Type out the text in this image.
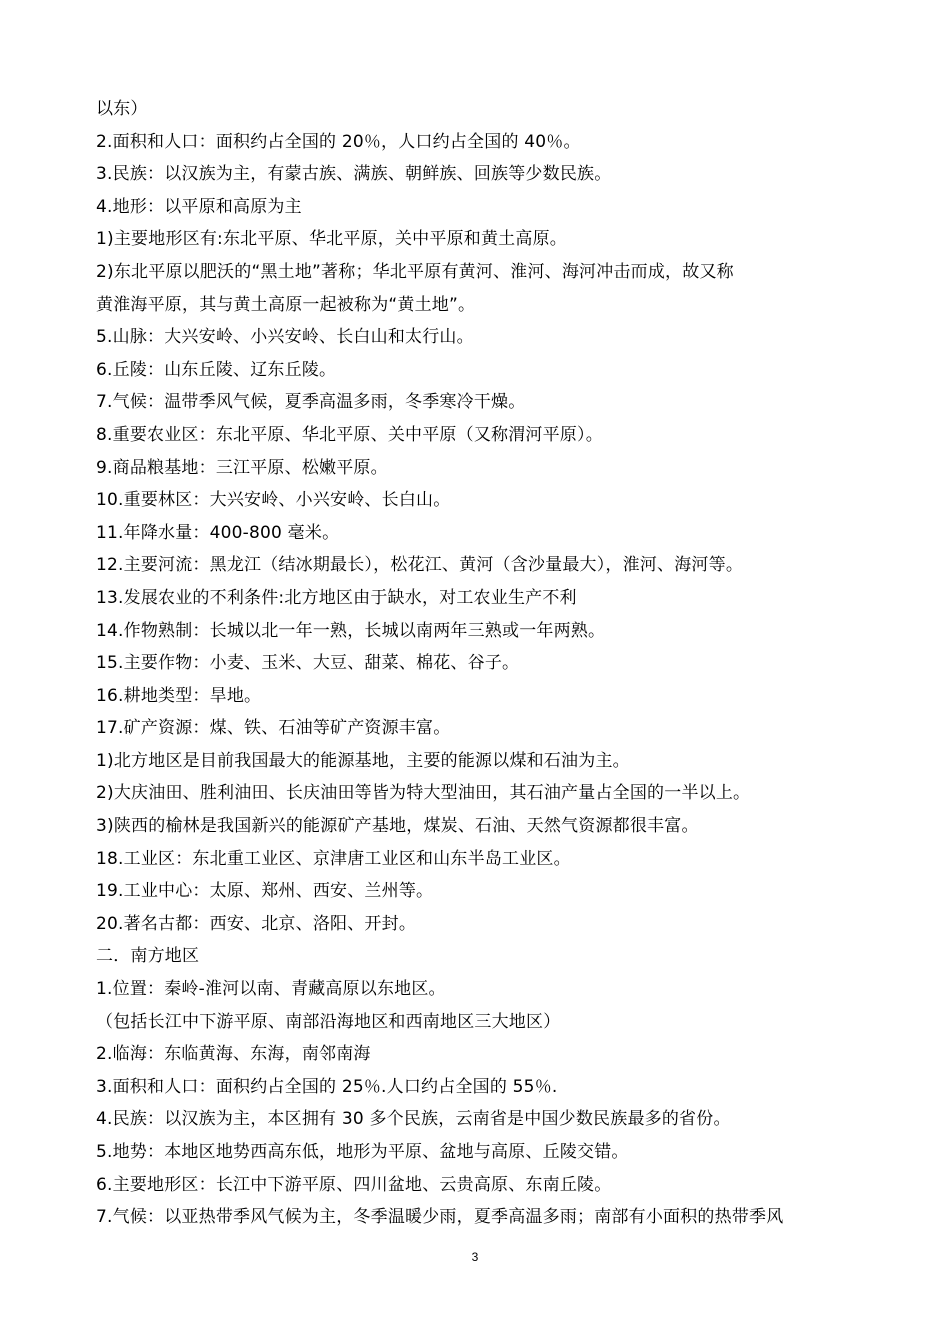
以东）
2.面积和人口：面积约占全国的 20％，人口约占全国的 40％。
3.民族：以汉族为主，有蒙古族、满族、朝鲜族、回族等少数民族。
4.地形：以平原和高原为主
1)主要地形区有:东北平原、华北平原，关中平原和黄土高原。
2)东北平原以肥沃的“黑土地”著称；华北平原有黄河、淮河、海河冲击而成，故又称
黄淮海平原，其与黄土高原一起被称为“黄土地”。
5.山脉：大兴安岭、小兴安岭、长白山和太行山。
6.丘陵：山东丘陵、辽东丘陵。
7.气候：温带季风气候，夏季高温多雨，冬季寒冷干燥。
8.重要农业区：东北平原、华北平原、关中平原（又称渭河平原）。
9.商品粮基地：三江平原、松嫩平原。
10.重要林区：大兴安岭、小兴安岭、长白山。
11.年降水量：400-800 毫米。
12.主要河流：黑龙江（结冰期最长），松花江、黄河（含沙量最大），淮河、海河等。
13.发展农业的不利条件:北方地区由于缺水，对工农业生产不利
14.作物熟制：长城以北一年一熟，长城以南两年三熟或一年两熟。
15.主要作物：小麦、玉米、大豆、甜菜、棉花、谷子。
16.耕地类型：旱地。
17.矿产资源：煤、铁、石油等矿产资源丰富。
1)北方地区是目前我国最大的能源基地，主要的能源以煤和石油为主。
2)大庆油田、胜利油田、长庆油田等皆为特大型油田，其石油产量占全国的一半以上。
3)陕西的榆林是我国新兴的能源矿产基地，煤炭、石油、天然气资源都很丰富。
18.工业区：东北重工业区、京津唐工业区和山东半岛工业区。
19.工业中心：太原、郑州、西安、兰州等。
20.著名古都：西安、北京、洛阳、开封。
二．南方地区
1.位置：秦岭-淮河以南、青藏高原以东地区。
（包括长江中下游平原、南部沿海地区和西南地区三大地区）
2.临海：东临黄海、东海，南邻南海
3.面积和人口：面积约占全国的 25％.人口约占全国的 55％.
4.民族：以汉族为主，本区拥有 30 多个民族，云南省是中国少数民族最多的省份。
5.地势：本地区地势西高东低，地形为平原、盆地与高原、丘陵交错。
6.主要地形区：长江中下游平原、四川盆地、云贵高原、东南丘陵。
7.气候：以亚热带季风气候为主，冬季温暖少雨，夏季高温多雨；南部有小面积的热带季风
3
